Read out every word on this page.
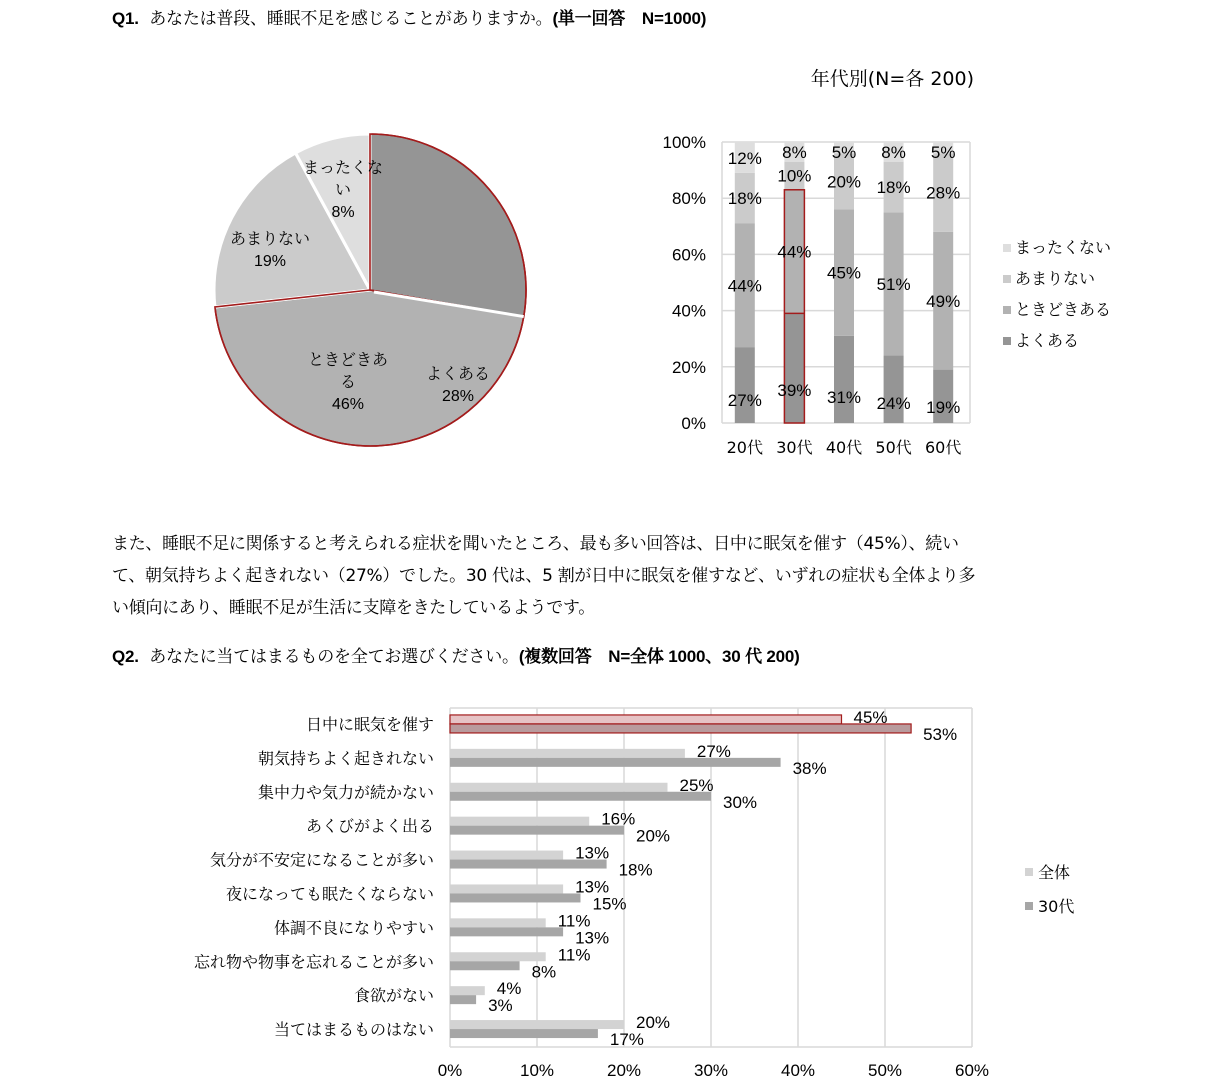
Q1. あなたは普段、睡眠不足を感じることがありますか。(単一回答　N=1000)
よくある
28%
ときどきあ
る
46%
あまりない
19%
まったくな
い
8%
年代別(N=各 200)
0%
20%
40%
60%
80%
100%
27%
44%
18%
12%
20代
39%
44%
10%
8%
30代
31%
45%
20%
5%
40代
24%
51%
18%
8%
50代
19%
49%
28%
5%
60代
まったくない
あまりない
ときどきある
よくある
また、睡眠不足に関係すると考えられる症状を聞いたところ、最も多い回答は、日中に眠気を催す（45%）、続い
て、朝気持ちよく起きれない（27%）でした。30 代は、5 割が日中に眠気を催すなど、いずれの症状も全体より多
い傾向にあり、睡眠不足が生活に支障をきたしているようです。
Q2. あなたに当てはまるものを全てお選びください。(複数回答　N=全体 1000、30 代 200)
0%	10%	20%	30%	40%	50%	60%
日中に眠気を催す
朝気持ちよく起きれない
集中力や気力が続かない
あくびがよく出る
気分が不安定になることが多い
夜になっても眠たくならない
体調不良になりやすい
忘れ物や物事を忘れることが多い
食欲がない
当てはまるものはない
45%
53%
27%
38%
25%
30%
16%
20%
13%
18%
13%
15%
11%
13%
11%
8%
4%
3%
20%
17%
全体
30代
